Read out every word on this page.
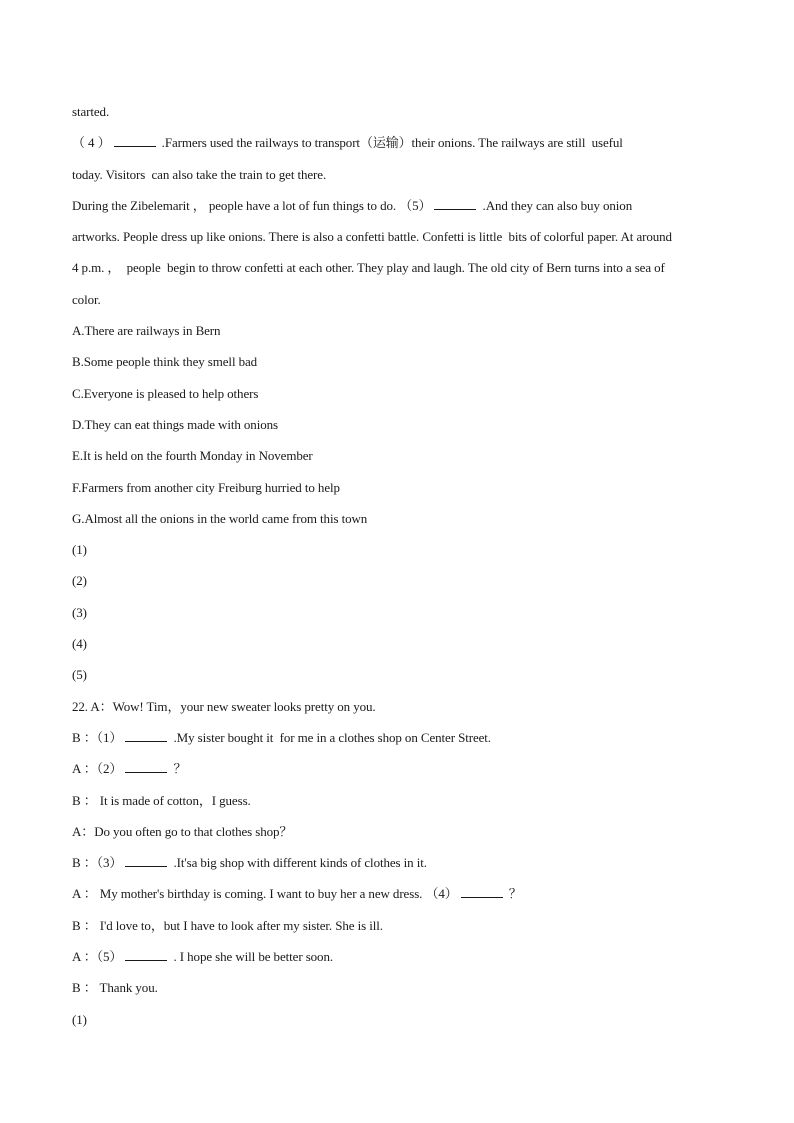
started.
（ 4 ）	.Farmers used the railways to transport（运输）their onions. The railways are still  useful
today. Visitors  can also take the train to get there.
During the Zibelemarit ， people have a lot of fun things to do. （5）	.And they can also buy onion
artworks. People dress up like onions. There is also a confetti battle. Confetti is little  bits of colorful paper. At around
4 p.m. ，  people  begin to throw confetti at each other. They play and laugh. The old city of Bern turns into a sea of
color.
A.There are railways in Bern
B.Some people think they smell bad
C.Everyone is pleased to help others
D.They can eat things made with onions
E.It is held on the fourth Monday in November
F.Farmers from another city Freiburg hurried to help
G.Almost all the onions in the world came from this town
(1)
(2)
(3)
(4)
(5)
22. A：Wow! Tim，your new sweater looks pretty on you.
B ：（1）	.My sister bought it  for me in a clothes shop on Center Street.
A ：（2）	？
B ： It is made of cotton，I guess.
A：Do you often go to that clothes shop？
B ：（3）	.It'sa big shop with different kinds of clothes in it.
A ： My mother's birthday is coming. I want to buy her a new dress. （4）	？
B ： I'd love to，but I have to look after my sister. She is ill.
A ：（5）	. I hope she will be better soon.
B ： Thank you.
(1)
